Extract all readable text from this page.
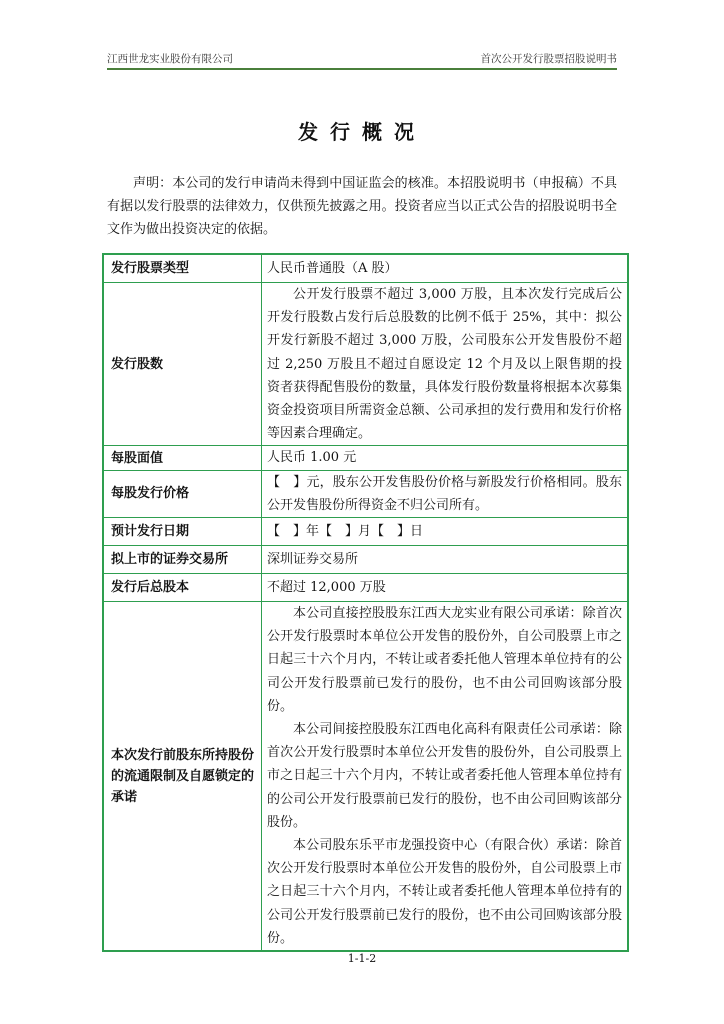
江西世龙实业股份有限公司	首次公开发行股票招股说明书
发行概况
声明：本公司的发行申请尚未得到中国证监会的核准。本招股说明书（申报稿）不具有据以发行股票的法律效力，仅供预先披露之用。投资者应当以正式公告的招股说明书全文作为做出投资决定的依据。
发行股票类型	人民币普通股（A 股）
发行股数	公开发行股票不超过 3,000 万股，且本次发行完成后公开发行股数占发行后总股数的比例不低于 25%，其中：拟公开发行新股不超过 3,000 万股，公司股东公开发售股份不超过 2,250 万股且不超过自愿设定 12 个月及以上限售期的投资者获得配售股份的数量，具体发行股份数量将根据本次募集资金投资项目所需资金总额、公司承担的发行费用和发行价格等因素合理确定。
每股面值	人民币 1.00 元
每股发行价格	【　】元，股东公开发售股份价格与新股发行价格相同。股东公开发售股份所得资金不归公司所有。
预计发行日期	【　】年【　】月【　】日
拟上市的证券交易所	深圳证券交易所
发行后总股本	不超过 12,000 万股
本次发行前股东所持股份的流通限制及自愿锁定的承诺	本公司直接控股股东江西大龙实业有限公司承诺：除首次公开发行股票时本单位公开发售的股份外，自公司股票上市之日起三十六个月内，不转让或者委托他人管理本单位持有的公司公开发行股票前已发行的股份，也不由公司回购该部分股份。
本公司间接控股股东江西电化高科有限责任公司承诺：除首次公开发行股票时本单位公开发售的股份外，自公司股票上市之日起三十六个月内，不转让或者委托他人管理本单位持有的公司公开发行股票前已发行的股份，也不由公司回购该部分股份。
本公司股东乐平市龙强投资中心（有限合伙）承诺：除首次公开发行股票时本单位公开发售的股份外，自公司股票上市之日起三十六个月内，不转让或者委托他人管理本单位持有的公司公开发行股票前已发行的股份，也不由公司回购该部分股份。
1-1-2
